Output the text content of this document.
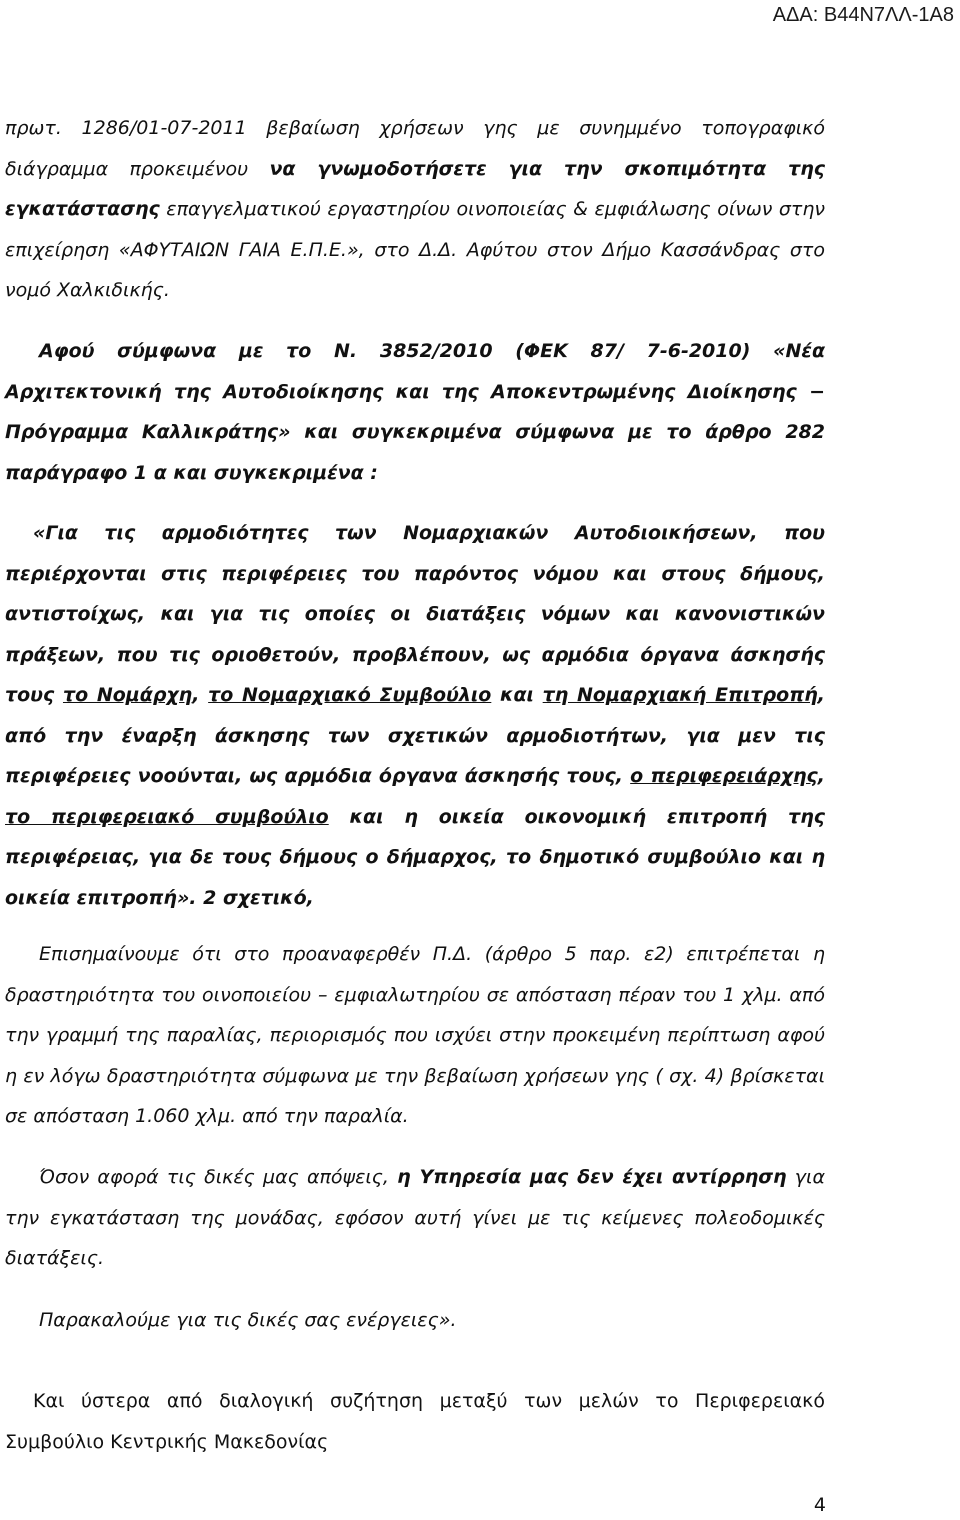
ΑΔΑ: Β44Ν7ΛΛ-1Α8

πρωτ. 1286/01-07-2011 βεβαίωση χρήσεων γης με συνημμένο τοπογραφικό διάγραμμα προκειμένου να γνωμοδοτήσετε για την σκοπιμότητα της εγκατάστασης επαγγελματικού εργαστηρίου οινοποιείας & εμφιάλωσης οίνων στην επιχείρηση «ΑΦΥΤΑΙΩΝ ΓΑΙΑ Ε.Π.Ε.», στο Δ.Δ. Αφύτου στον Δήμο Κασσάνδρας στο νομό Χαλκιδικής.

Αφού σύμφωνα με το Ν. 3852/2010 (ΦΕΚ 87/ 7-6-2010) «Νέα Αρχιτεκτονική της Αυτοδιοίκησης και της Αποκεντρωμένης Διοίκησης − Πρόγραμμα Καλλικράτης» και συγκεκριμένα σύμφωνα με το άρθρο 282 παράγραφο 1 α και συγκεκριμένα :

«Για τις αρμοδιότητες των Νομαρχιακών Αυτοδιοικήσεων, που περιέρχονται στις περιφέρειες του παρόντος νόμου και στους δήμους, αντιστοίχως, και για τις οποίες οι διατάξεις νόμων και κανονιστικών πράξεων, που τις οριοθετούν, προβλέπουν, ως αρμόδια όργανα άσκησής τους το Νομάρχη, το Νομαρχιακό Συμβούλιο και τη Νομαρχιακή Επιτροπή, από την έναρξη άσκησης των σχετικών αρμοδιοτήτων, για μεν τις περιφέρειες νοούνται, ως αρμόδια όργανα άσκησής τους, ο περιφερειάρχης, το περιφερειακό συμβούλιο και η οικεία οικονομική επιτροπή της περιφέρειας, για δε τους δήμους ο δήμαρχος, το δημοτικό συμβούλιο και η οικεία επιτροπή». 2 σχετικό,

Επισημαίνουμε ότι στο προαναφερθέν Π.Δ. (άρθρο 5 παρ. ε2) επιτρέπεται η δραστηριότητα του οινοποιείου – εμφιαλωτηρίου σε απόσταση πέραν του 1 χλμ. από την γραμμή της παραλίας, περιορισμός που ισχύει στην προκειμένη περίπτωση αφού η εν λόγω δραστηριότητα σύμφωνα με την βεβαίωση χρήσεων γης ( σχ. 4) βρίσκεται σε απόσταση 1.060 χλμ. από την παραλία.

Όσον αφορά τις δικές μας απόψεις, η Υπηρεσία μας δεν έχει αντίρρηση για την εγκατάσταση της μονάδας, εφόσον αυτή γίνει με τις κείμενες πολεοδομικές διατάξεις.

Παρακαλούμε για τις δικές σας ενέργειες».

Και ύστερα από διαλογική συζήτηση μεταξύ των μελών το Περιφερειακό Συμβούλιο Κεντρικής Μακεδονίας

4
